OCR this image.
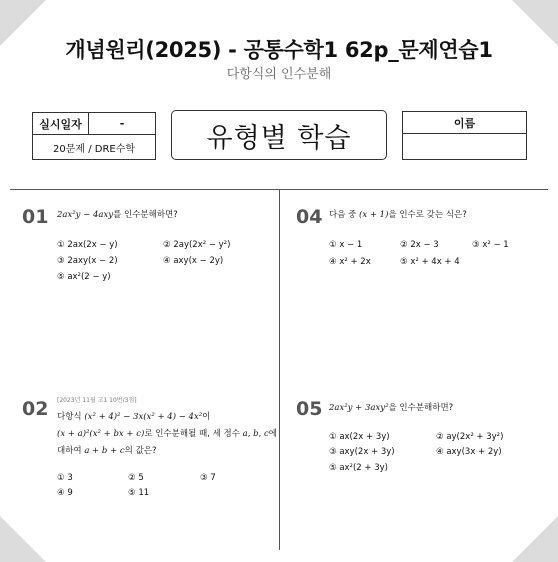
개념원리(2025) - 공통수학1 62p_문제연습1
다항식의 인수분해
실시일자	-
20문제 / DRE수학	유형별 학습	이름
01 2ax²y − 4axy를 인수분해하면?
① 2ax(2x − y)	② 2ay(2x² − y²)
③ 2axy(x − 2)	④ axy(x − 2y)
⑤ ax²(2 − y)
02 [2023년 11월 고1 10번/3점]
다항식 (x² + 4)² − 3x(x² + 4) − 4x²이
(x + a)²(x² + bx + c)로 인수분해될 때, 세 정수 a, b, c에
대하여 a + b + c의 값은?
① 3	② 5	③ 7
④ 9	⑤ 11
04 다음 중 (x + 1)을 인수로 갖는 식은?
① x − 1	② 2x − 3	③ x² − 1
④ x² + 2x	⑤ x² + 4x + 4
05 2ax²y + 3axy²을 인수분해하면?
① ax(2x + 3y)	② ay(2x² + 3y²)
③ axy(2x + 3y)	④ axy(3x + 2y)
⑤ ax²(2 + 3y)
